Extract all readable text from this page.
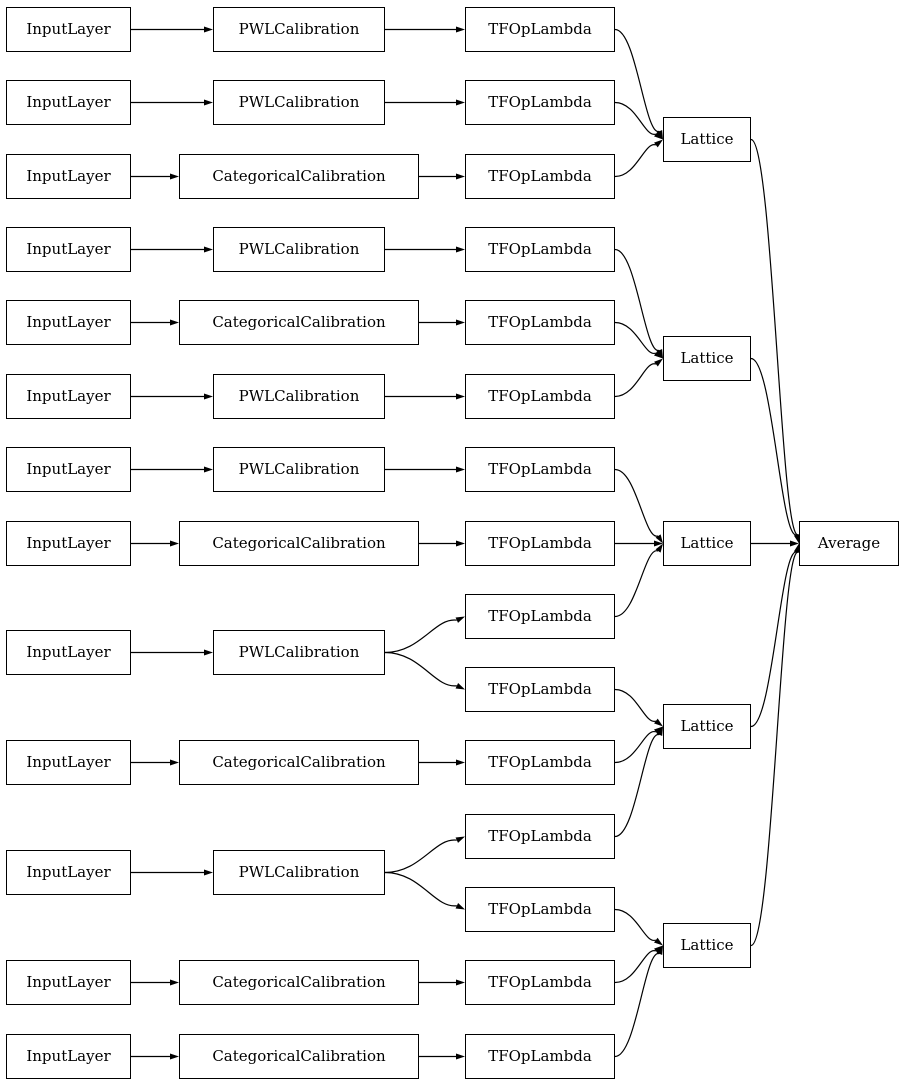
InputLayer
InputLayer
InputLayer
InputLayer
InputLayer
InputLayer
InputLayer
InputLayer
InputLayer
InputLayer
InputLayer
InputLayer
InputLayer
PWLCalibration
PWLCalibration
CategoricalCalibration
PWLCalibration
CategoricalCalibration
PWLCalibration
PWLCalibration
CategoricalCalibration
PWLCalibration
CategoricalCalibration
PWLCalibration
CategoricalCalibration
CategoricalCalibration
TFOpLambda
TFOpLambda
TFOpLambda
TFOpLambda
TFOpLambda
TFOpLambda
TFOpLambda
TFOpLambda
TFOpLambda
TFOpLambda
TFOpLambda
TFOpLambda
TFOpLambda
TFOpLambda
TFOpLambda
Lattice
Lattice
Lattice
Lattice
Lattice
Average
